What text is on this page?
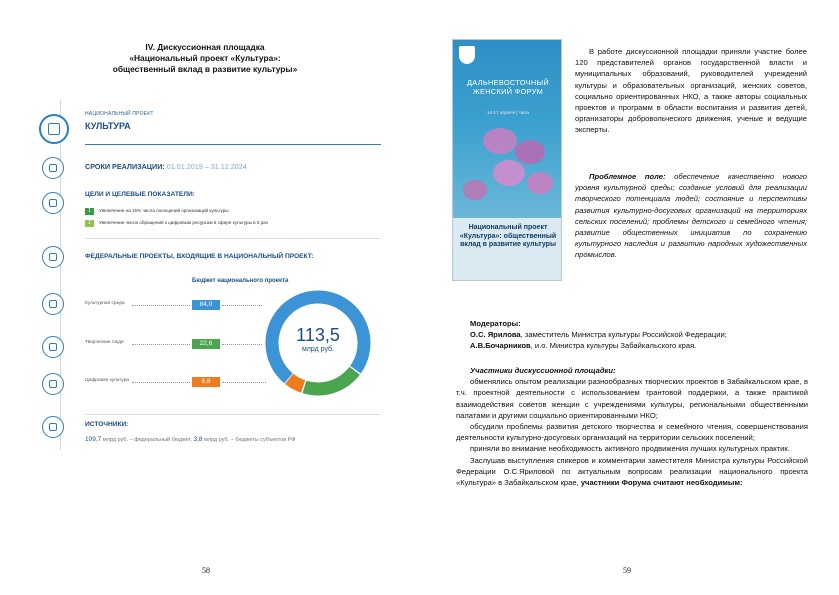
IV. Дискуссионная площадка
«Национальный проект «Культура»:
общественный вклад в развитие культуры»
НАЦИОНАЛЬНЫЙ ПРОЕКТ
КУЛЬТУРА
СРОКИ РЕАЛИЗАЦИИ: 01.01.2019 – 31.12.2024
ЦЕЛИ И ЦЕЛЕВЫЕ ПОКАЗАТЕЛИ:
1 Увеличение на 15% числа посещений организаций культуры
2 Увеличение числа обращений к цифровым ресурсам в сфере культуры в 5 раз
ФЕДЕРАЛЬНЫЕ ПРОЕКТЫ, ВХОДЯЩИЕ В НАЦИОНАЛЬНЫЙ ПРОЕКТ:
Бюджет национального проекта
Культурная среда	84,0
Творческие люди	22,6
Цифровая культура	6,8
113,5
млрд руб.
ИСТОЧНИКИ:
109,7 млрд руб. – федеральный бюджет, 3,8 млрд руб. – бюджеты субъектов РФ
58
ДАЛЬНЕВОСТОЧНЫЙ ЖЕНСКИЙ ФОРУМ
16-17 апреля | Чита
Национальный проект «Культура»: общественный вклад в развитие культуры

В работе дискуссионной площадки приняли участие более 120 представителей органов государственной власти и муниципальных образований, руководителей учреждений культуры и образовательных организаций, женских советов, социально ориентированных НКО, а также авторы социальных проектов и программ в области воспитания и развития детей, организаторы добровольческого движения, ученые и ведущие эксперты.

Проблемное поле: обеспечение качественно нового уровня культурной среды; создание условий для реализации творческого потенциала людей; состояние и перспективы развития культурно-досуговых организаций на территориях сельских поселений; проблемы детского и семейного чтения; развитие общественных инициатив по сохранению культурного наследия и развитию народных художественных промыслов.

Модераторы:

О.С. Ярилова, заместитель Министра культуры Российской Федерации;

А.В.Бочарников, и.о. Министра культуры Забайкальского края.

Участники дискуссионной площадки:

обменялись опытом реализации разнообразных творческих проектов в Забайкальском крае, в т.ч. проектной деятельности с использованием грантовой поддержки, а также практикой взаимодействия советов женщин с учреждениями культуры, региональными общественными палатами и другими социально ориентированными НКО;

обсудили проблемы развития детского творчества и семейного чтения, совершенствования деятельности культурно-досуговых организаций на территории сельских поселений;

приняли во внимание необходимость активного продвижения лучших культурных практик.

Заслушав выступления спикеров и комментарии заместителя Министра культуры Российской Федерации О.С.Яриловой по актуальным вопросам реализации национального проекта «Культура» в Забайкальском крае, участники Форума считают необходимым:

59
